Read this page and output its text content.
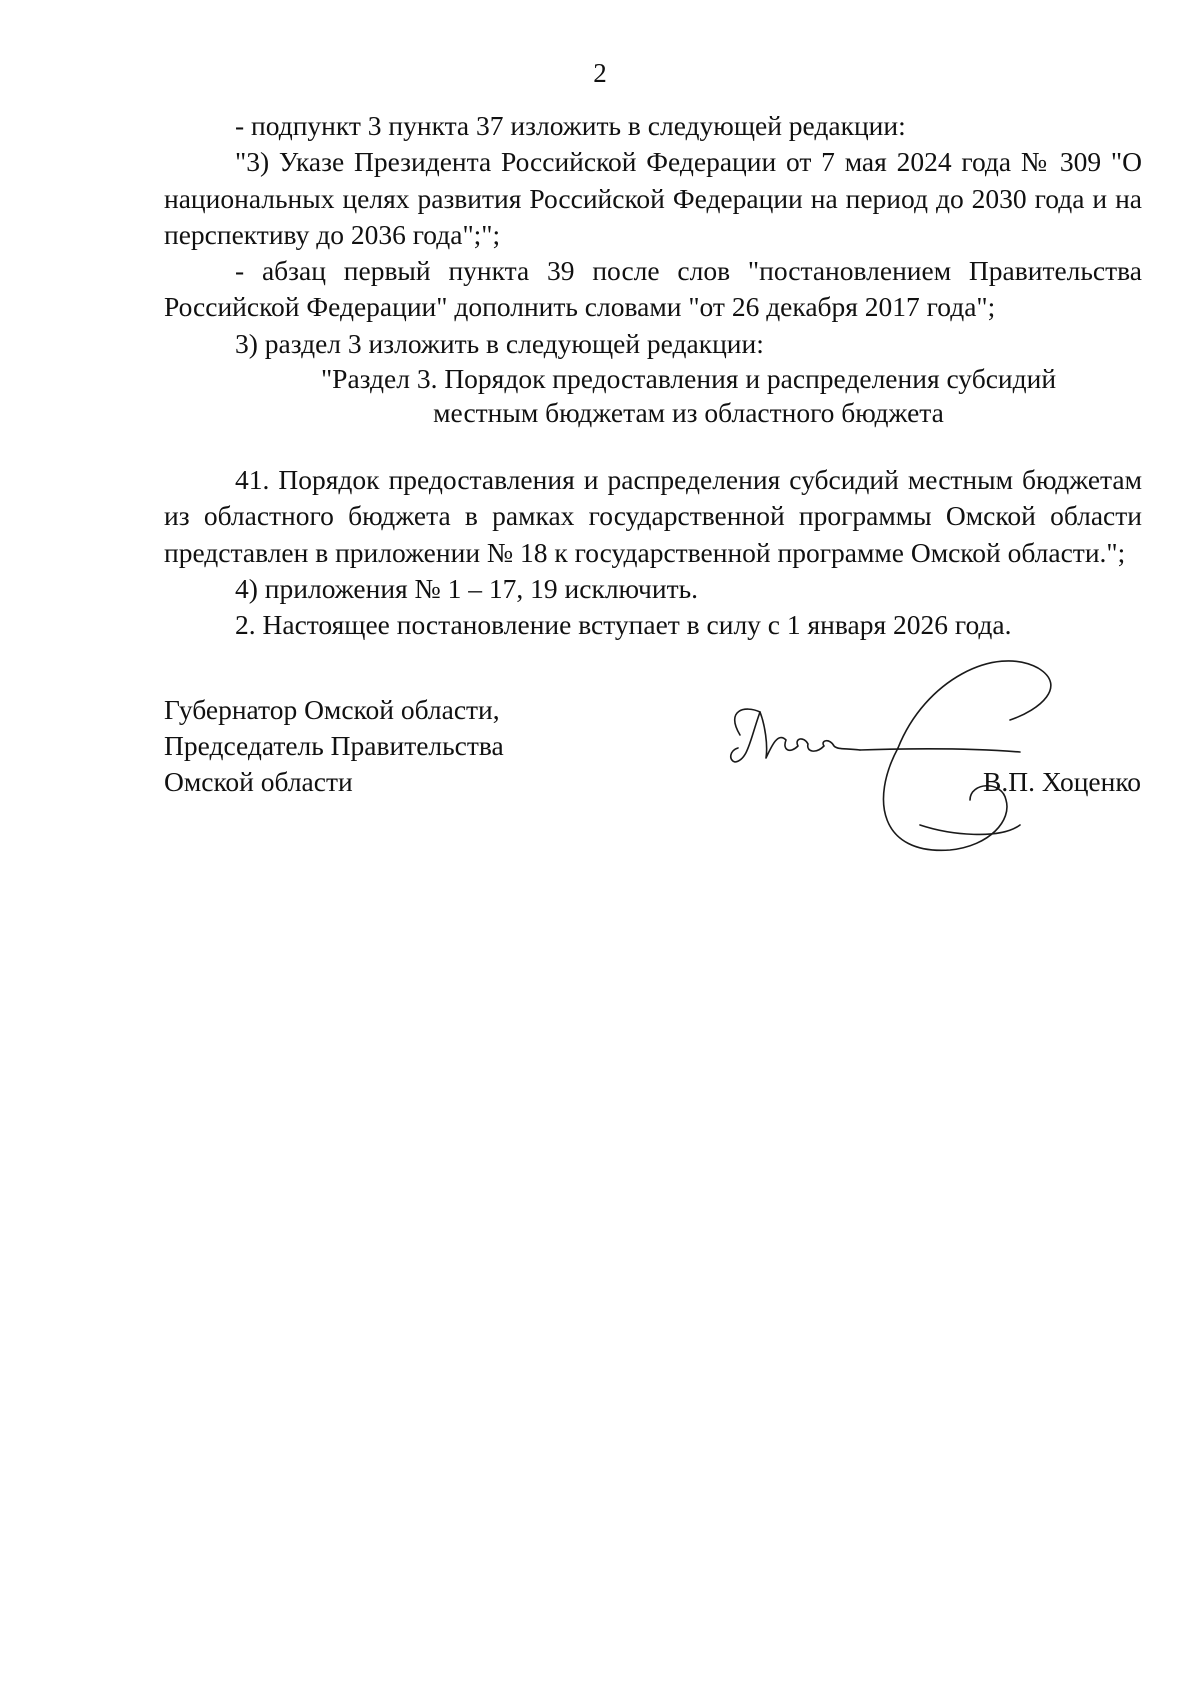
2

- подпункт 3 пункта 37 изложить в следующей редакции:

"3) Указе Президента Российской Федерации от 7 мая 2024 года № 309 "О национальных целях развития Российской Федерации на период до 2030 года и на перспективу до 2036 года";";

- абзац первый пункта 39 после слов "постановлением Правительства Российской Федерации" дополнить словами "от 26 декабря 2017 года";

3) раздел 3 изложить в следующей редакции:

"Раздел 3. Порядок предоставления и распределения субсидий

местным бюджетам из областного бюджета

41. Порядок предоставления и распределения субсидий местным бюджетам из областного бюджета в рамках государственной программы Омской области представлен в приложении № 18 к государственной программе Омской области.";

4) приложения № 1 – 17, 19 исключить.

2. Настоящее постановление вступает в силу с 1 января 2026 года.

Губернатор Омской области,
Председатель Правительства
Омской области	В.П. Хоценко
